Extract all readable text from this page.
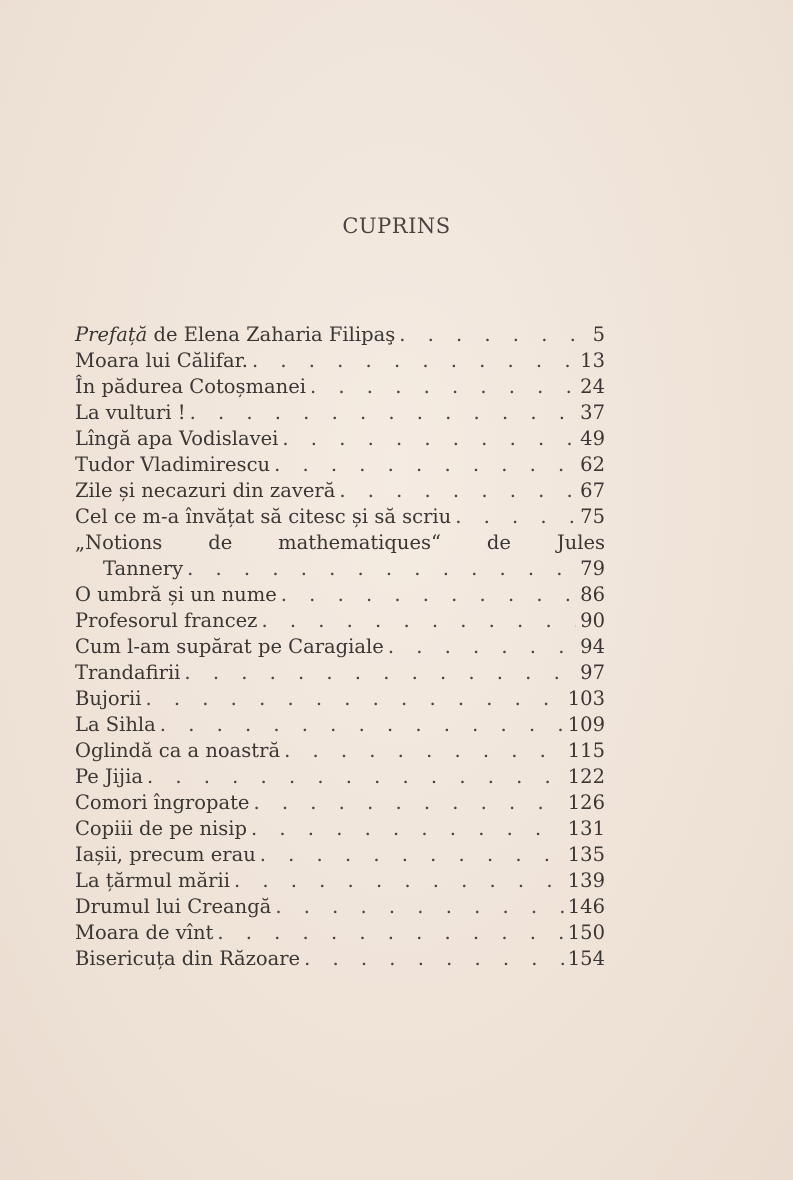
CUPRINS
Prefață de Elena Zaharia Filipaş . . .	5
Moara lui Călifar. . . .	13
În pădurea Cotoșmanei . . .	24
La vulturi ! . . .	37
Lîngă apa Vodislavei . . .	49
Tudor Vladimirescu . . .	62
Zile și necazuri din zaveră . . .	67
Cel ce m-a învățat să citesc și să scriu . . .	75
„Notions de mathematiques“ de Jules
Tannery . . .	79
O umbră și un nume . . .	86
Profesorul francez . . .	90
Cum l-am supărat pe Caragiale . . .	94
Trandafirii . . .	97
Bujorii . . .	103
La Sihla . . .	109
Oglindă ca a noastră . . .	115
Pe Jijia . . .	122
Comori îngropate . . .	126
Copiii de pe nisip . . .	131
Iașii, precum erau . . .	135
La țărmul mării . . .	139
Drumul lui Creangă . . .	146
Moara de vînt . . .	150
Bisericuța din Răzoare . . .	154
